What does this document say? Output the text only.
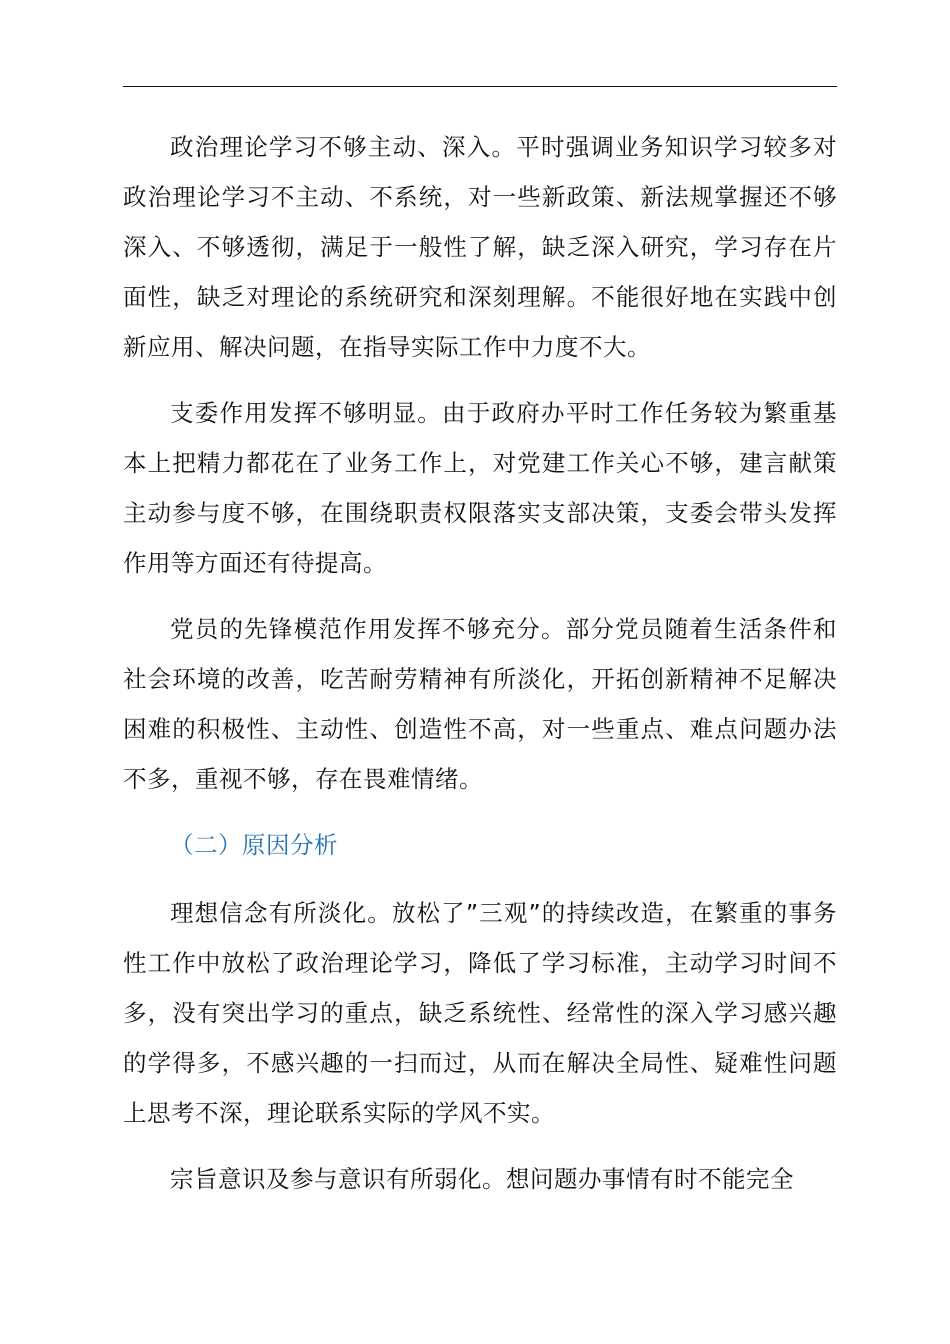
政治理论学习不够主动、深入。平时强调业务知识学习较多对政治理论学习不主动、不系统，对一些新政策、新法规掌握还不够深入、不够透彻，满足于一般性了解，缺乏深入研究，学习存在片面性，缺乏对理论的系统研究和深刻理解。不能很好地在实践中创新应用、解决问题，在指导实际工作中力度不大。

支委作用发挥不够明显。由于政府办平时工作任务较为繁重基本上把精力都花在了业务工作上，对党建工作关心不够，建言献策主动参与度不够，在围绕职责权限落实支部决策，支委会带头发挥作用等方面还有待提高。

党员的先锋模范作用发挥不够充分。部分党员随着生活条件和社会环境的改善，吃苦耐劳精神有所淡化，开拓创新精神不足解决困难的积极性、主动性、创造性不高，对一些重点、难点问题办法不多，重视不够，存在畏难情绪。

（二）原因分析

理想信念有所淡化。放松了”三观”的持续改造，在繁重的事务性工作中放松了政治理论学习，降低了学习标准，主动学习时间不多，没有突出学习的重点，缺乏系统性、经常性的深入学习感兴趣的学得多，不感兴趣的一扫而过，从而在解决全局性、疑难性问题上思考不深，理论联系实际的学风不实。

宗旨意识及参与意识有所弱化。想问题办事情有时不能完全
